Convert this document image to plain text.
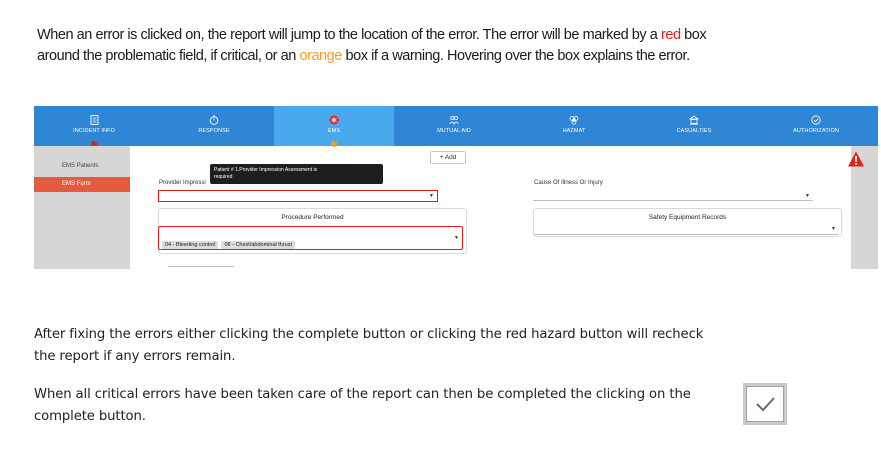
When an error is clicked on, the report will jump to the location of the error. The error will be marked by a red box around the problematic field, if critical, or an orange box if a warning. Hovering over the box explains the error.
INCIDENT INFO	RESPONSE	EMS	MUTUAL AID	HAZMAT	CASUALTIES	AUTHORIZATION
EMS Patients
EMS Form
+ Add
Patient # 1.Provider Impression Assessment is
required
Provider Impressi
▼
Cause Of Illness Or Injury
▼
Procedure Performed
04 - Bleeding control 08 - Chest/abdominal thrust
▼
Safety Equipment Records
▼
After fixing the errors either clicking the complete button or clicking the red hazard button will recheck the report if any errors remain.
When all critical errors have been taken care of the report can then be completed the clicking on the complete button.
